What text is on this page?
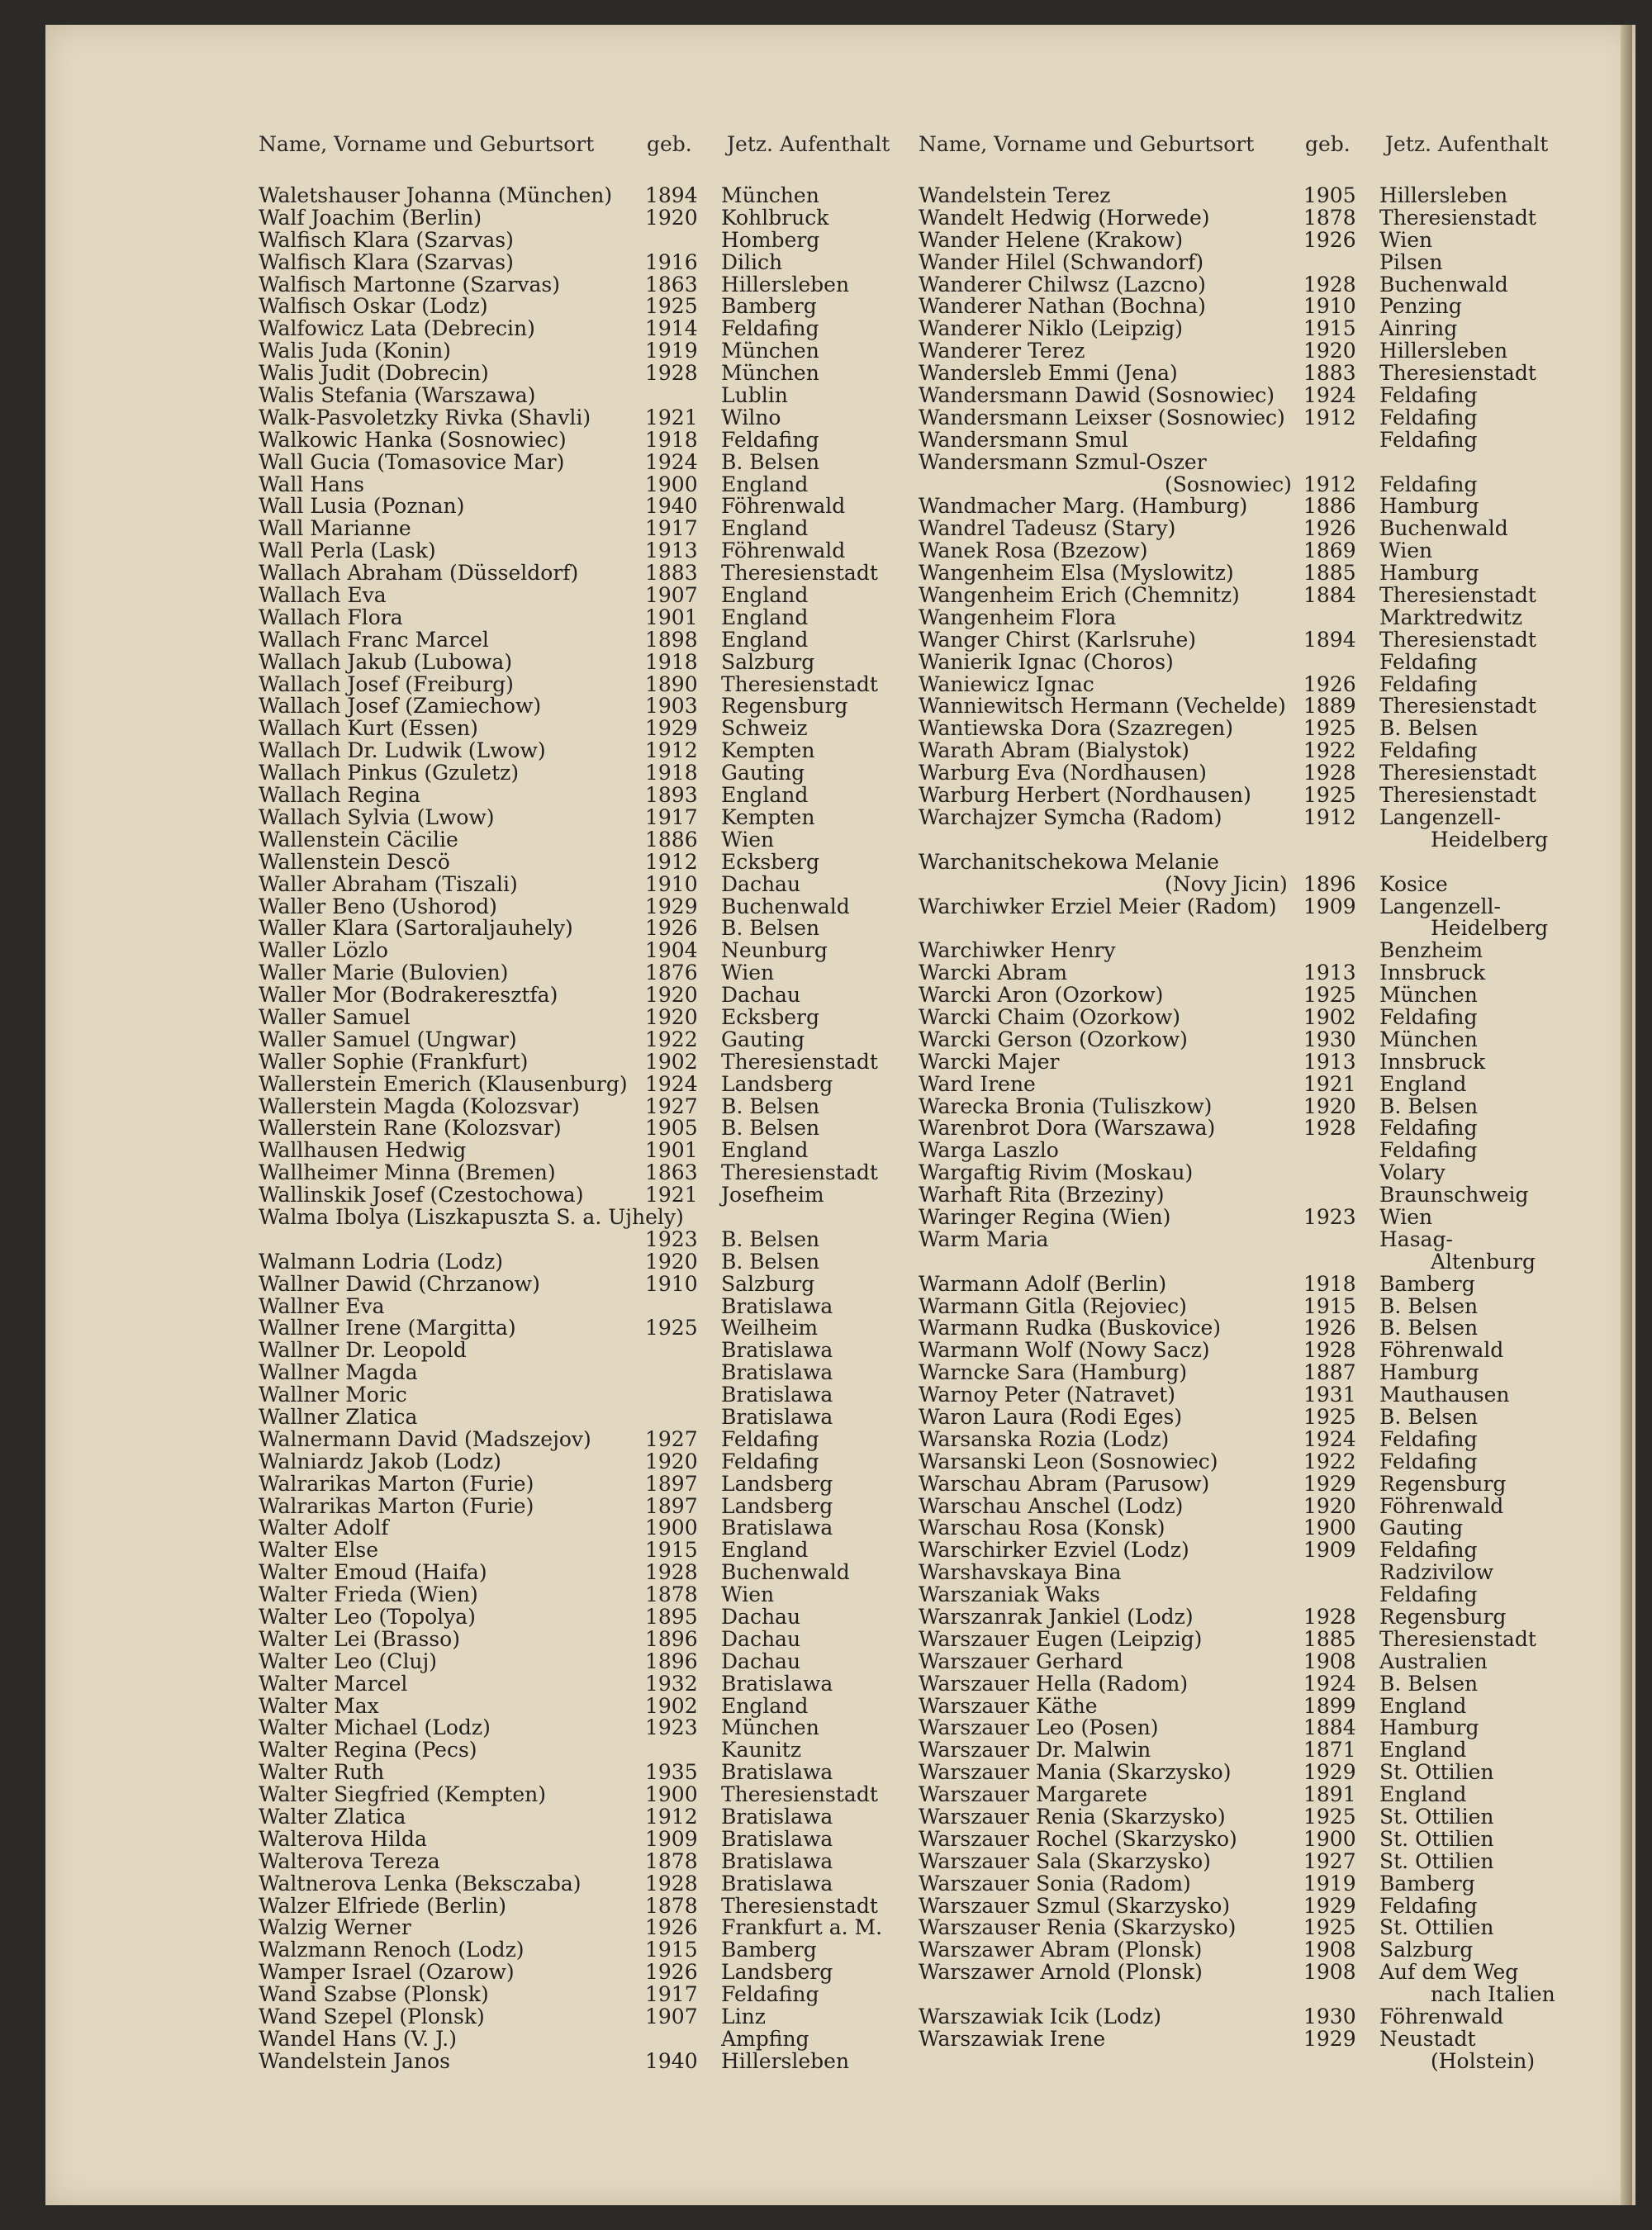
Name, Vorname und Geburtsort	geb. Jetz. Aufenthalt
Waletshauser Johanna (München) 1894 München
Walf Joachim (Berlin)	1920 Kohlbruck
Walfisch Klara (Szarvas)	Homberg
Walfisch Klara (Szarvas)	1916 Dilich
Walfisch Martonne (Szarvas)	1863 Hillersleben
Walfisch Oskar (Lodz)	1925 Bamberg
Walfowicz Lata (Debrecin)	1914 Feldafing
Walis Juda (Konin)	1919 München
Walis Judit (Dobrecin)	1928 München
Walis Stefania (Warszawa)	Lublin
Walk-Pasvoletzky Rivka (Shavli)	1921 Wilno
Walkowic Hanka (Sosnowiec)	1918 Feldafing
Wall Gucia (Tomasovice Mar)	1924 B. Belsen
Wall Hans	1900 England
Wall Lusia (Poznan)	1940 Föhrenwald
Wall Marianne	1917 England
Wall Perla (Lask)	1913 Föhrenwald
Wallach Abraham (Düsseldorf)	1883 Theresienstadt
Wallach Eva	1907 England
Wallach Flora	1901 England
Wallach Franc Marcel	1898 England
Wallach Jakub (Lubowa)	1918 Salzburg
Wallach Josef (Freiburg)	1890 Theresienstadt
Wallach Josef (Zamiechow)	1903 Regensburg
Wallach Kurt (Essen)	1929 Schweiz
Wallach Dr. Ludwik (Lwow)	1912 Kempten
Wallach Pinkus (Gzuletz)	1918 Gauting
Wallach Regina	1893 England
Wallach Sylvia (Lwow)	1917 Kempten
Wallenstein Cäcilie	1886 Wien
Wallenstein Descö	1912 Ecksberg
Waller Abraham (Tiszali)	1910 Dachau
Waller Beno (Ushorod)	1929 Buchenwald
Waller Klara (Sartoraljauhely)	1926 B. Belsen
Waller Lözlo	1904 Neunburg
Waller Marie (Bulovien)	1876 Wien
Waller Mor (Bodrakeresztfa)	1920 Dachau
Waller Samuel	1920 Ecksberg
Waller Samuel (Ungwar)	1922 Gauting
Waller Sophie (Frankfurt)	1902 Theresienstadt
Wallerstein Emerich (Klausenburg) 1924 Landsberg
Wallerstein Magda (Kolozsvar)	1927 B. Belsen
Wallerstein Rane (Kolozsvar)	1905 B. Belsen
Wallhausen Hedwig	1901 England
Wallheimer Minna (Bremen)	1863 Theresienstadt
Wallinskik Josef (Czestochowa)	1921 Josefheim
Walma Ibolya (Liszkapuszta S. a. Ujhely)
1923 B. Belsen
Walmann Lodria (Lodz)	1920 B. Belsen
Wallner Dawid (Chrzanow)	1910 Salzburg
Wallner Eva	Bratislawa
Wallner Irene (Margitta)	1925 Weilheim
Wallner Dr. Leopold	Bratislawa
Wallner Magda	Bratislawa
Wallner Moric	Bratislawa
Wallner Zlatica	Bratislawa
Walnermann David (Madszejov)	1927 Feldafing
Walniardz Jakob (Lodz)	1920 Feldafing
Walrarikas Marton (Furie)	1897 Landsberg
Walrarikas Marton (Furie)	1897 Landsberg
Walter Adolf	1900 Bratislawa
Walter Else	1915 England
Walter Emoud (Haifa)	1928 Buchenwald
Walter Frieda (Wien)	1878 Wien
Walter Leo (Topolya)	1895 Dachau
Walter Lei (Brasso)	1896 Dachau
Walter Leo (Cluj)	1896 Dachau
Walter Marcel	1932 Bratislawa
Walter Max	1902 England
Walter Michael (Lodz)	1923 München
Walter Regina (Pecs)	Kaunitz
Walter Ruth	1935 Bratislawa
Walter Siegfried (Kempten)	1900 Theresienstadt
Walter Zlatica	1912 Bratislawa
Walterova Hilda	1909 Bratislawa
Walterova Tereza	1878 Bratislawa
Waltnerova Lenka (Beksczaba)	1928 Bratislawa
Walzer Elfriede (Berlin)	1878 Theresienstadt
Walzig Werner	1926 Frankfurt a. M.
Walzmann Renoch (Lodz)	1915 Bamberg
Wamper Israel (Ozarow)	1926 Landsberg
Wand Szabse (Plonsk)	1917 Feldafing
Wand Szepel (Plonsk)	1907 Linz
Wandel Hans (V. J.)	Ampfing
Wandelstein Janos	1940 Hillersleben
Name, Vorname und Geburtsort geb. Jetz. Aufenthalt
Wandelstein Terez	1905 Hillersleben
Wandelt Hedwig (Horwede)	1878 Theresienstadt
Wander Helene (Krakow)	1926 Wien
Wander Hilel (Schwandorf)	Pilsen
Wanderer Chilwsz (Lazcno)	1928 Buchenwald
Wanderer Nathan (Bochna)	1910 Penzing
Wanderer Niklo (Leipzig)	1915 Ainring
Wanderer Terez	1920 Hillersleben
Wandersleb Emmi (Jena)	1883 Theresienstadt
Wandersmann Dawid (Sosnowiec) 1924 Feldafing
Wandersmann Leixser (Sosnowiec) 1912 Feldafing
Wandersmann Smul	Feldafing
Wandersmann Szmul-Oszer
(Sosnowiec) 1912 Feldafing
Wandmacher Marg. (Hamburg)	1886 Hamburg
Wandrel Tadeusz (Stary)	1926 Buchenwald
Wanek Rosa (Bzezow)	1869 Wien
Wangenheim Elsa (Myslowitz)	1885 Hamburg
Wangenheim Erich (Chemnitz)	1884 Theresienstadt
Wangenheim Flora	Marktredwitz
Wanger Chirst (Karlsruhe)	1894 Theresienstadt
Wanierik Ignac (Choros)	Feldafing
Waniewicz Ignac	1926 Feldafing
Wanniewitsch Hermann (Vechelde) 1889 Theresienstadt
Wantiewska Dora (Szazregen)	1925 B. Belsen
Warath Abram (Bialystok)	1922 Feldafing
Warburg Eva (Nordhausen)	1928 Theresienstadt
Warburg Herbert (Nordhausen)	1925 Theresienstadt
Warchajzer Symcha (Radom)	1912 Langenzell-
Heidelberg
Warchanitschekowa Melanie
(Novy Jicin) 1896 Kosice
Warchiwker Erziel Meier (Radom) 1909 Langenzell-
Heidelberg
Warchiwker Henry	Benzheim
Warcki Abram	1913 Innsbruck
Warcki Aron (Ozorkow)	1925 München
Warcki Chaim (Ozorkow)	1902 Feldafing
Warcki Gerson (Ozorkow)	1930 München
Warcki Majer	1913 Innsbruck
Ward Irene	1921 England
Warecka Bronia (Tuliszkow)	1920 B. Belsen
Warenbrot Dora (Warszawa)	1928 Feldafing
Warga Laszlo	Feldafing
Wargaftig Rivim (Moskau)	Volary
Warhaft Rita (Brzeziny)	Braunschweig
Waringer Regina (Wien)	1923 Wien
Warm Maria	Hasag-
Altenburg
Warmann Adolf (Berlin)	1918 Bamberg
Warmann Gitla (Rejoviec)	1915 B. Belsen
Warmann Rudka (Buskovice)	1926 B. Belsen
Warmann Wolf (Nowy Sacz)	1928 Föhrenwald
Warncke Sara (Hamburg)	1887 Hamburg
Warnoy Peter (Natravet)	1931 Mauthausen
Waron Laura (Rodi Eges)	1925 B. Belsen
Warsanska Rozia (Lodz)	1924 Feldafing
Warsanski Leon (Sosnowiec)	1922 Feldafing
Warschau Abram (Parusow)	1929 Regensburg
Warschau Anschel (Lodz)	1920 Föhrenwald
Warschau Rosa (Konsk)	1900 Gauting
Warschirker Ezviel (Lodz)	1909 Feldafing
Warshavskaya Bina	Radzivilow
Warszaniak Waks	Feldafing
Warszanrak Jankiel (Lodz)	1928 Regensburg
Warszauer Eugen (Leipzig)	1885 Theresienstadt
Warszauer Gerhard	1908 Australien
Warszauer Hella (Radom)	1924 B. Belsen
Warszauer Käthe	1899 England
Warszauer Leo (Posen)	1884 Hamburg
Warszauer Dr. Malwin	1871 England
Warszauer Mania (Skarzysko)	1929 St. Ottilien
Warszauer Margarete	1891 England
Warszauer Renia (Skarzysko)	1925 St. Ottilien
Warszauer Rochel (Skarzysko)	1900 St. Ottilien
Warszauer Sala (Skarzysko)	1927 St. Ottilien
Warszauer Sonia (Radom)	1919 Bamberg
Warszauer Szmul (Skarzysko)	1929 Feldafing
Warszauser Renia (Skarzysko)	1925 St. Ottilien
Warszawer Abram (Plonsk)	1908 Salzburg
Warszawer Arnold (Plonsk)	1908 Auf dem Weg
nach Italien
Warszawiak Icik (Lodz)	1930 Föhrenwald
Warszawiak Irene	1929 Neustadt
(Holstein)
